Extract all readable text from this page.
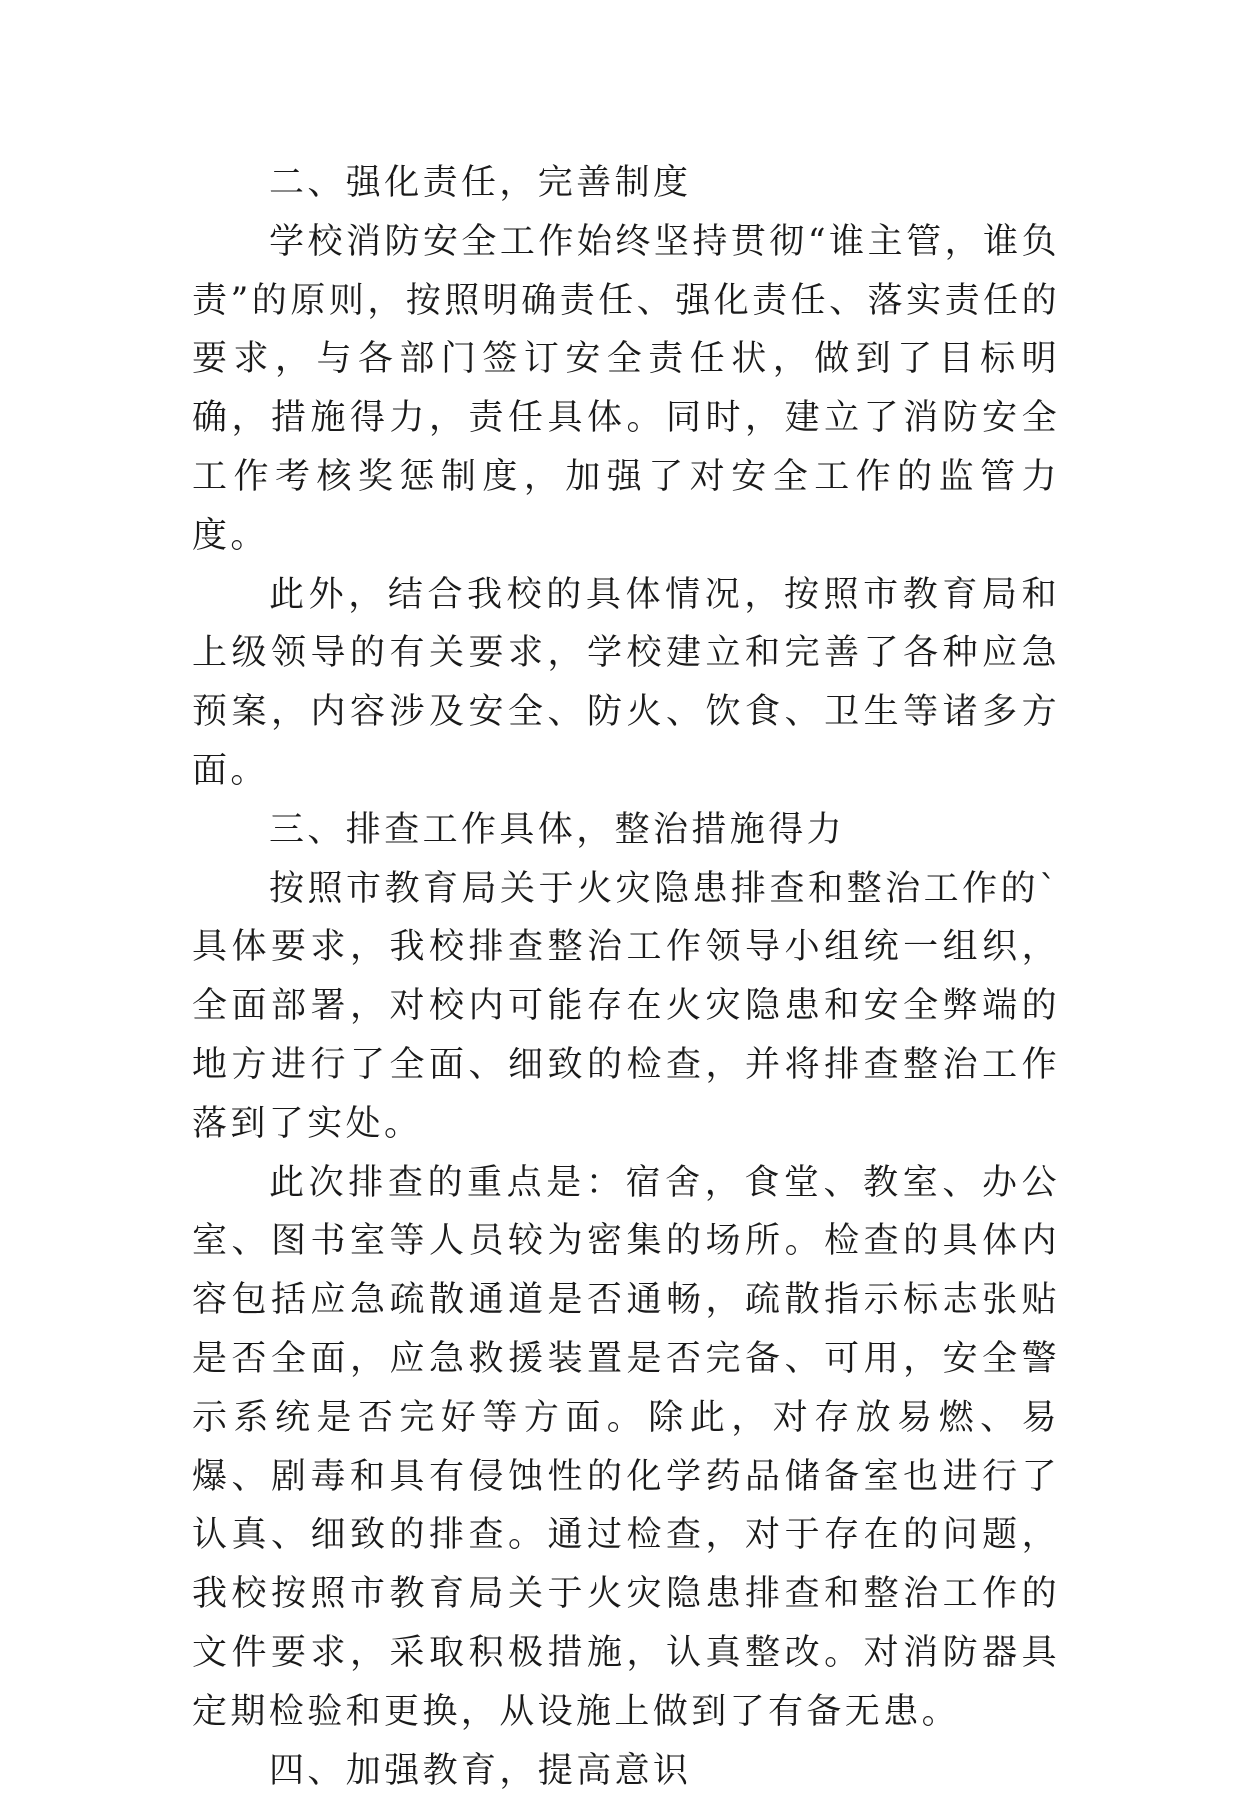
二、强化责任，完善制度

学校消防安全工作始终坚持贯彻“谁主管，谁负责”的原则，按照明确责任、强化责任、落实责任的要求，与各部门签订安全责任状，做到了目标明确，措施得力，责任具体。同时，建立了消防安全工作考核奖惩制度，加强了对安全工作的监管力度。

此外，结合我校的具体情况，按照市教育局和上级领导的有关要求，学校建立和完善了各种应急预案，内容涉及安全、防火、饮食、卫生等诸多方面。

三、排查工作具体，整治措施得力

按照市教育局关于火灾隐患排查和整治工作的`具体要求，我校排查整治工作领导小组统一组织，全面部署，对校内可能存在火灾隐患和安全弊端的地方进行了全面、细致的检查，并将排查整治工作落到了实处。

此次排查的重点是：宿舍，食堂、教室、办公室、图书室等人员较为密集的场所。检查的具体内容包括应急疏散通道是否通畅，疏散指示标志张贴是否全面，应急救援装置是否完备、可用，安全警示系统是否完好等方面。除此，对存放易燃、易爆、剧毒和具有侵蚀性的化学药品储备室也进行了认真、细致的排查。通过检查，对于存在的问题，我校按照市教育局关于火灾隐患排查和整治工作的文件要求，采取积极措施，认真整改。对消防器具定期检验和更换，从设施上做到了有备无患。

四、加强教育，提高意识
